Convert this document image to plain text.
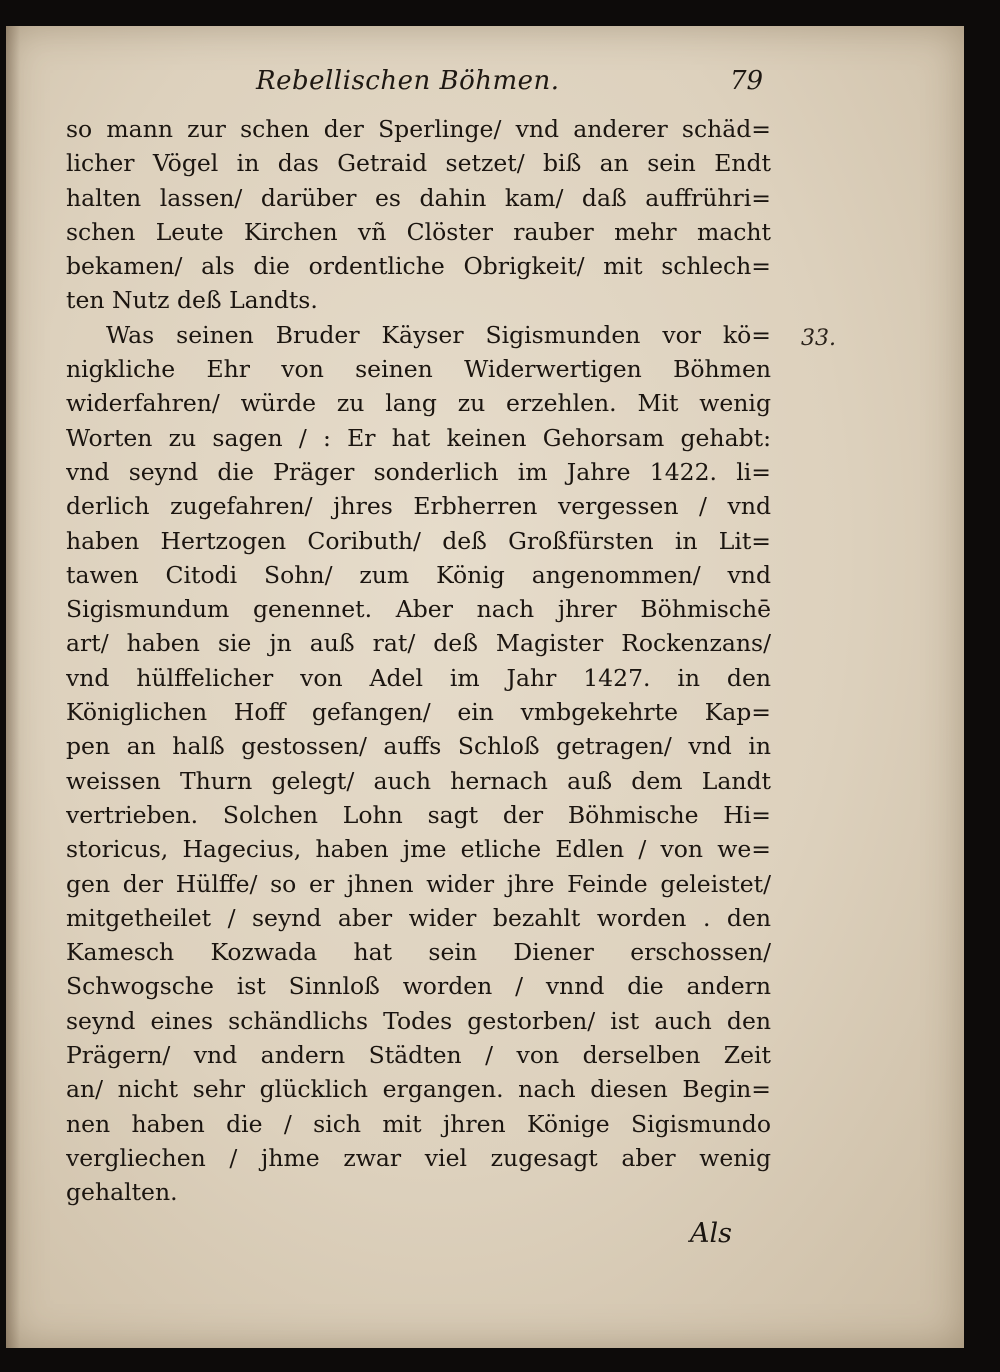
Rebellischen Böhmen.	79
33.
so mann zur schen der Sperlinge/ vnd anderer schäd=
licher Vögel in das Getraid setzet/ biß an sein Endt
halten lassen/ darüber es dahin kam/ daß auffrühri=
schen Leute Kirchen vñ Clöster rauber mehr macht
bekamen/ als die ordentliche Obrigkeit/ mit schlech=
ten Nutz deß Landts.
Was seinen Bruder Käyser Sigismunden vor kö=
nigkliche Ehr von seinen Widerwertigen Böhmen
widerfahren/ würde zu lang zu erzehlen. Mit wenig
Worten zu sagen / : Er hat keinen Gehorsam gehabt:
vnd seynd die Präger sonderlich im Jahre 1422. li=
derlich zugefahren/ jhres Erbherren vergessen / vnd
haben Hertzogen Coributh/ deß Großfürsten in Lit=
tawen Citodi Sohn/ zum König angenommen/ vnd
Sigismundum genennet. Aber nach jhrer Böhmischē
art/ haben sie jn auß rat/ deß Magister Rockenzans/
vnd hülffelicher von Adel im Jahr 1427. in den
Königlichen Hoff gefangen/ ein vmbgekehrte Kap=
pen an halß gestossen/ auffs Schloß getragen/ vnd in
weissen Thurn gelegt/ auch hernach auß dem Landt
vertrieben. Solchen Lohn sagt der Böhmische Hi=
storicus, Hagecius, haben jme etliche Edlen / von we=
gen der Hülffe/ so er jhnen wider jhre Feinde geleistet/
mitgetheilet / seynd aber wider bezahlt worden . den
Kamesch Kozwada hat sein Diener erschossen/
Schwogsche ist Sinnloß worden / vnnd die andern
seynd eines schändlichs Todes gestorben/ ist auch den
Prägern/ vnd andern Städten / von derselben Zeit
an/ nicht sehr glücklich ergangen. nach diesen Begin=
nen haben die / sich mit jhren Könige Sigismundo
vergliechen / jhme zwar viel zugesagt aber wenig
gehalten.
Als
